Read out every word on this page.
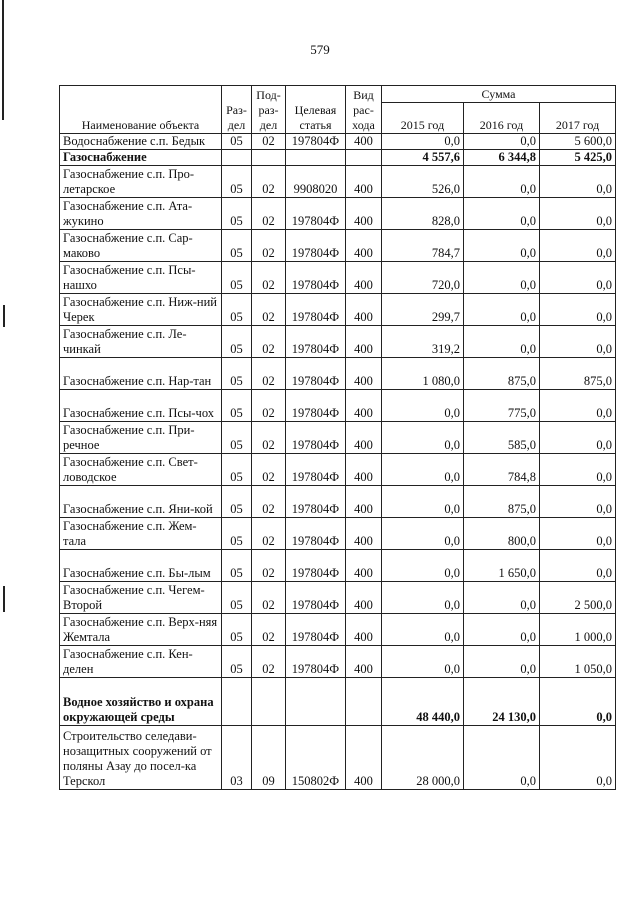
579
Наименование объекта	Раз-дел	Под-раз-дел	Целевая статья	Вид рас-хода	Сумма		
					2015 год	2016 год	2017 год
Водоснабжение с.п. Бедык	05	02	197804Ф	400	0,0	0,0	5 600,0
Газоснабжение					4 557,6	6 344,8	5 425,0
Газоснабжение с.п. Про-летарское	05	02	9908020	400	526,0	0,0	0,0
Газоснабжение с.п. Ата-жукино	05	02	197804Ф	400	828,0	0,0	0,0
Газоснабжение с.п. Сар-маково	05	02	197804Ф	400	784,7	0,0	0,0
Газоснабжение с.п. Псы-нашхо	05	02	197804Ф	400	720,0	0,0	0,0
Газоснабжение с.п. Ниж-ний Черек	05	02	197804Ф	400	299,7	0,0	0,0
Газоснабжение с.п. Ле-чинкай	05	02	197804Ф	400	319,2	0,0	0,0
Газоснабжение с.п. Нар-тан	05	02	197804Ф	400	1 080,0	875,0	875,0
Газоснабжение с.п. Псы-чох	05	02	197804Ф	400	0,0	775,0	0,0
Газоснабжение с.п. При-речное	05	02	197804Ф	400	0,0	585,0	0,0
Газоснабжение с.п. Свет-ловодское	05	02	197804Ф	400	0,0	784,8	0,0
Газоснабжение с.п. Яни-кой	05	02	197804Ф	400	0,0	875,0	0,0
Газоснабжение с.п. Жем-тала	05	02	197804Ф	400	0,0	800,0	0,0
Газоснабжение с.п. Бы-лым	05	02	197804Ф	400	0,0	1 650,0	0,0
Газоснабжение с.п. Чегем-Второй	05	02	197804Ф	400	0,0	0,0	2 500,0
Газоснабжение с.п. Верх-няя Жемтала	05	02	197804Ф	400	0,0	0,0	1 000,0
Газоснабжение с.п. Кен-делен	05	02	197804Ф	400	0,0	0,0	1 050,0
Водное хозяйство и охрана окружающей среды					48 440,0	24 130,0	0,0
Строительство селедави-нозащитных сооружений от поляны Азау до посел-ка Терскол	03	09	150802Ф	400	28 000,0	0,0	0,0
